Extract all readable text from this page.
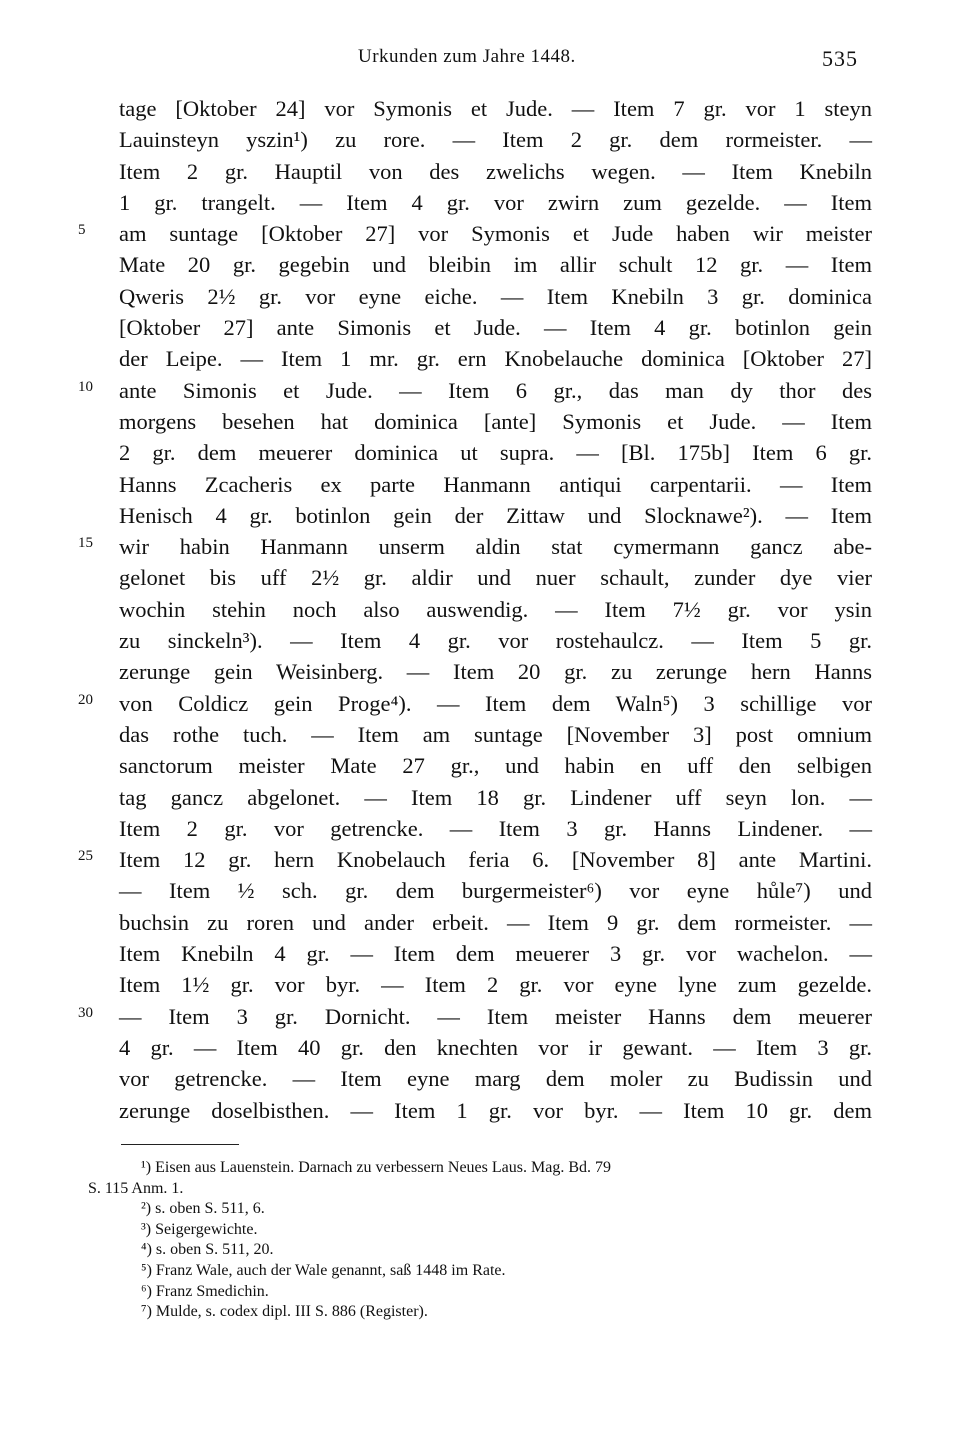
Urkunden zum Jahre 1448.	535
tage [Oktober 24] vor Symonis et Jude. — Item 7 gr. vor 1 steyn
Lauinsteyn yszin¹) zu rore. — Item 2 gr. dem rormeister. —
Item 2 gr. Hauptil von des zwelichs wegen. — Item Knebiln
1 gr. trangelt. — Item 4 gr. vor zwirn zum gezelde. — Item
5	am suntage [Oktober 27] vor Symonis et Jude haben wir meister
Mate 20 gr. gegebin und bleibin im allir schult 12 gr. — Item
Qweris 2½ gr. vor eyne eiche. — Item Knebiln 3 gr. dominica
[Oktober 27] ante Simonis et Jude. — Item 4 gr. botinlon gein
der Leipe. — Item 1 mr. gr. ern Knobelauche dominica [Oktober 27]
10	ante Simonis et Jude. — Item 6 gr., das man dy thor des
morgens besehen hat dominica [ante] Symonis et Jude. — Item
2 gr. dem meuerer dominica ut supra. — [Bl. 175b] Item 6 gr.
Hanns Zcacheris ex parte Hanmann antiqui carpentarii. — Item
Henisch 4 gr. botinlon gein der Zittaw und Slocknawe²). — Item
15	wir habin Hanmann unserm aldin stat cymermann gancz abe-
gelonet bis uff 2½ gr. aldir und nuer schault, zunder dye vier
wochin stehin noch also auswendig. — Item 7½ gr. vor ysin
zu sinckeln³). — Item 4 gr. vor rostehaulcz. — Item 5 gr.
zerunge gein Weisinberg. — Item 20 gr. zu zerunge hern Hanns
20	von Coldicz gein Proge⁴). — Item dem Waln⁵) 3 schillige vor
das rothe tuch. — Item am suntage [November 3] post omnium
sanctorum meister Mate 27 gr., und habin en uff den selbigen
tag gancz abgelonet. — Item 18 gr. Lindener uff seyn lon. —
Item 2 gr. vor getrencke. — Item 3 gr. Hanns Lindener. —
25	Item 12 gr. hern Knobelauch feria 6. [November 8] ante Martini.
— Item ½ sch. gr. dem burgermeister⁶) vor eyne hůle⁷) und
buchsin zu roren und ander erbeit. — Item 9 gr. dem rormeister. —
Item Knebiln 4 gr. — Item dem meuerer 3 gr. vor wachelon. —
Item 1½ gr. vor byr. — Item 2 gr. vor eyne lyne zum gezelde.
30	— Item 3 gr. Dornicht. — Item meister Hanns dem meuerer
4 gr. — Item 40 gr. den knechten vor ir gewant. — Item 3 gr.
vor getrencke. — Item eyne marg dem moler zu Budissin und
zerunge doselbisthen. — Item 1 gr. vor byr. — Item 10 gr. dem
¹) Eisen aus Lauenstein. Darnach zu verbessern Neues Laus. Mag. Bd. 79
S. 115 Anm. 1.
²) s. oben S. 511, 6.
³) Seigergewichte.
⁴) s. oben S. 511, 20.
⁵) Franz Wale, auch der Wale genannt, saß 1448 im Rate.
⁶) Franz Smedichin.
⁷) Mulde, s. codex dipl. III S. 886 (Register).
